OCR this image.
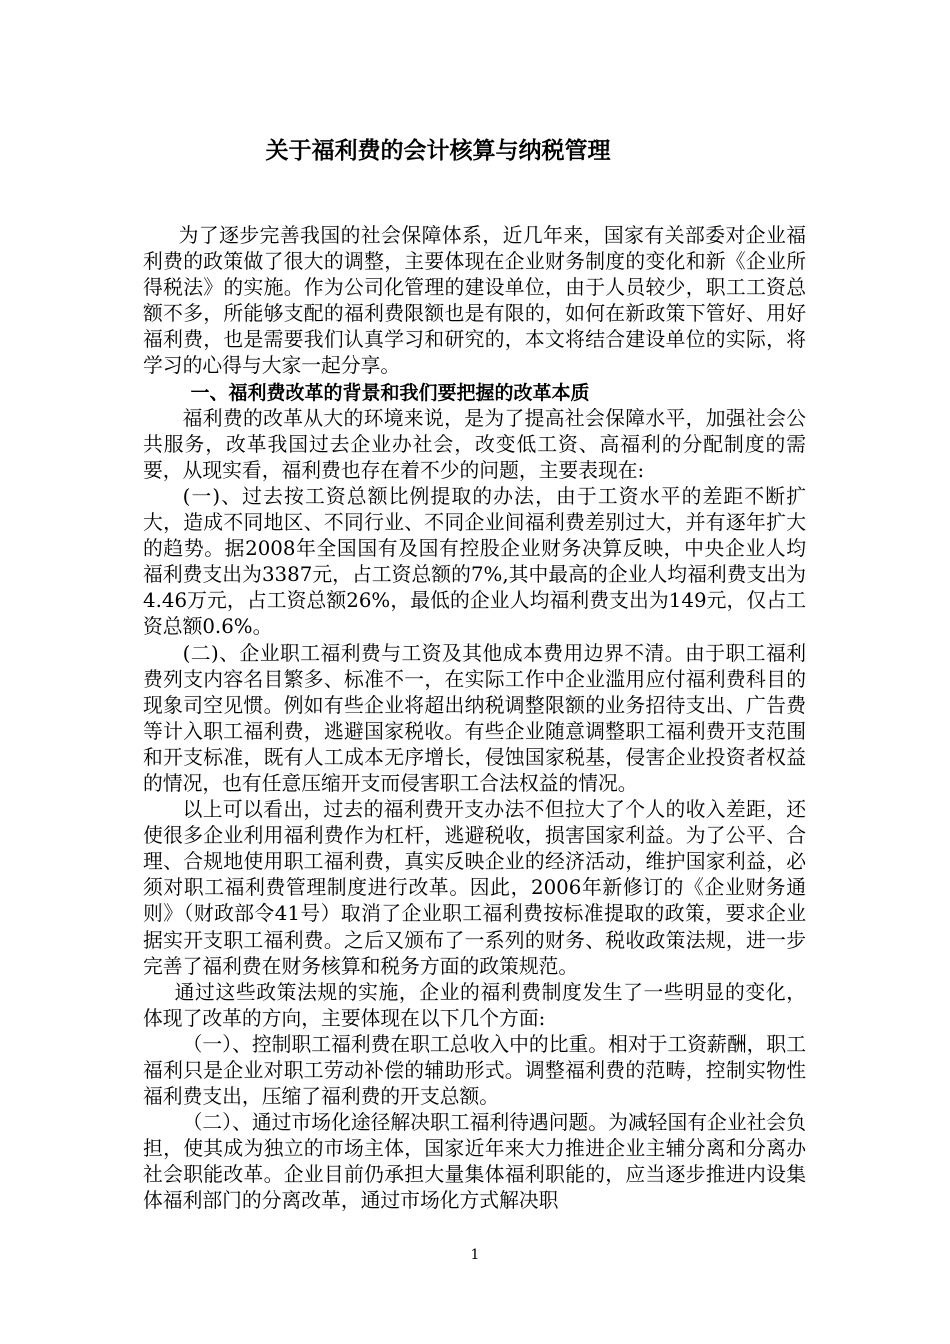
关于福利费的会计核算与纳税管理

为了逐步完善我国的社会保障体系，近几年来，国家有关部委对企业福利费的政策做了很大的调整，主要体现在企业财务制度的变化和新《企业所得税法》的实施。作为公司化管理的建设单位，由于人员较少，职工工资总额不多，所能够支配的福利费限额也是有限的，如何在新政策下管好、用好福利费，也是需要我们认真学习和研究的，本文将结合建设单位的实际，将学习的心得与大家一起分享。

一、福利费改革的背景和我们要把握的改革本质

福利费的改革从大的环境来说，是为了提高社会保障水平，加强社会公共服务，改革我国过去企业办社会，改变低工资、高福利的分配制度的需要，从现实看，福利费也存在着不少的问题，主要表现在:

(一)、过去按工资总额比例提取的办法，由于工资水平的差距不断扩大，造成不同地区、不同行业、不同企业间福利费差别过大，并有逐年扩大的趋势。据2008年全国国有及国有控股企业财务决算反映，中央企业人均福利费支出为3387元，占工资总额的7%,其中最高的企业人均福利费支出为4.46万元，占工资总额26%，最低的企业人均福利费支出为149元，仅占工资总额0.6%。

(二)、企业职工福利费与工资及其他成本费用边界不清。由于职工福利费列支内容名目繁多、标准不一，在实际工作中企业滥用应付福利费科目的现象司空见惯。例如有些企业将超出纳税调整限额的业务招待支出、广告费等计入职工福利费，逃避国家税收。有些企业随意调整职工福利费开支范围和开支标准，既有人工成本无序增长，侵蚀国家税基，侵害企业投资者权益的情况，也有任意压缩开支而侵害职工合法权益的情况。

以上可以看出，过去的福利费开支办法不但拉大了个人的收入差距，还使很多企业利用福利费作为杠杆，逃避税收，损害国家利益。为了公平、合理、合规地使用职工福利费，真实反映企业的经济活动，维护国家利益，必须对职工福利费管理制度进行改革。因此，2006年新修订的《企业财务通则》（财政部令41号）取消了企业职工福利费按标准提取的政策，要求企业据实开支职工福利费。之后又颁布了一系列的财务、税收政策法规，进一步完善了福利费在财务核算和税务方面的政策规范。

通过这些政策法规的实施，企业的福利费制度发生了一些明显的变化，体现了改革的方向，主要体现在以下几个方面:

（一）、控制职工福利费在职工总收入中的比重。相对于工资薪酬，职工福利只是企业对职工劳动补偿的辅助形式。调整福利费的范畴，控制实物性福利费支出，压缩了福利费的开支总额。

（二）、通过市场化途径解决职工福利待遇问题。为减轻国有企业社会负担，使其成为独立的市场主体，国家近年来大力推进企业主辅分离和分离办社会职能改革。企业目前仍承担大量集体福利职能的，应当逐步推进内设集体福利部门的分离改革，通过市场化方式解决职

1
